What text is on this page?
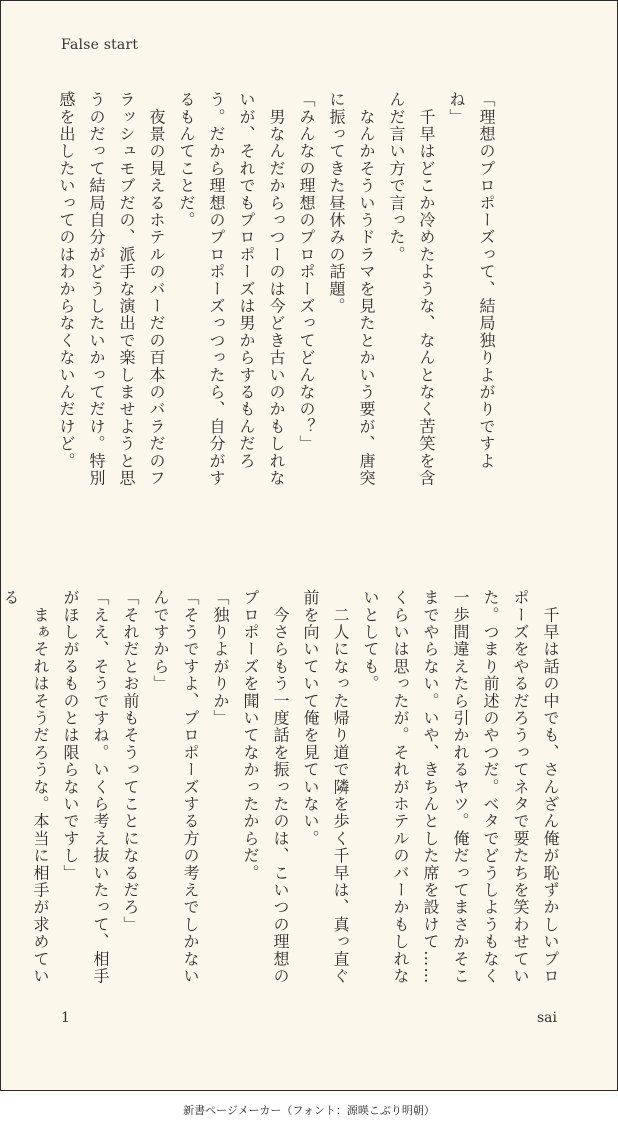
False start
「理想のプロポーズって、結局独りよがりですよね」
　千早はどこか冷めたような、なんとなく苦笑を含んだ言い方で言った。
　なんかそういうドラマを見たとかいう要が、唐突に振ってきた昼休みの話題。
「みんなの理想のプロポーズってどんなの？」
　男なんだからっつーのは今どき古いのかもしれないが、それでもプロポーズは男からするもんだろう。だから理想のプロポーズっつったら、自分がするもんてことだ。
　夜景の見えるホテルのバーだの百本のバラだのフラッシュモブだの、派手な演出で楽しませようと思うのだって結局自分がどうしたいかってだけ。特別感を出したいってのはわからなくないんだけど。
　千早は話の中でも、さんざん俺が恥ずかしいプロポーズをやるだろうってネタで要たちを笑わせていた。つまり前述のやつだ。ベタでどうしようもなく一歩間違えたら引かれるヤツ。俺だってまさかそこまでやらない。いや、きちんとした席を設けて……くらいは思ったが。それがホテルのバーかもしれないとしても。
　二人になった帰り道で隣を歩く千早は、真っ直ぐ前を向いていて俺を見ていない。
　今さらもう一度話を振ったのは、こいつの理想のプロポーズを聞いてなかったからだ。
「独りよがりか」
「そうですよ、プロポーズする方の考えでしかないんですから」
「それだとお前もそうってことになるだろ」
「ええ、そうですね。いくら考え抜いたって、相手がほしがるものとは限らないですし」
　まぁそれはそうだろうな。本当に相手が求めている
1	sai
新書ページメーカー（フォント：源暎こぶり明朝）
